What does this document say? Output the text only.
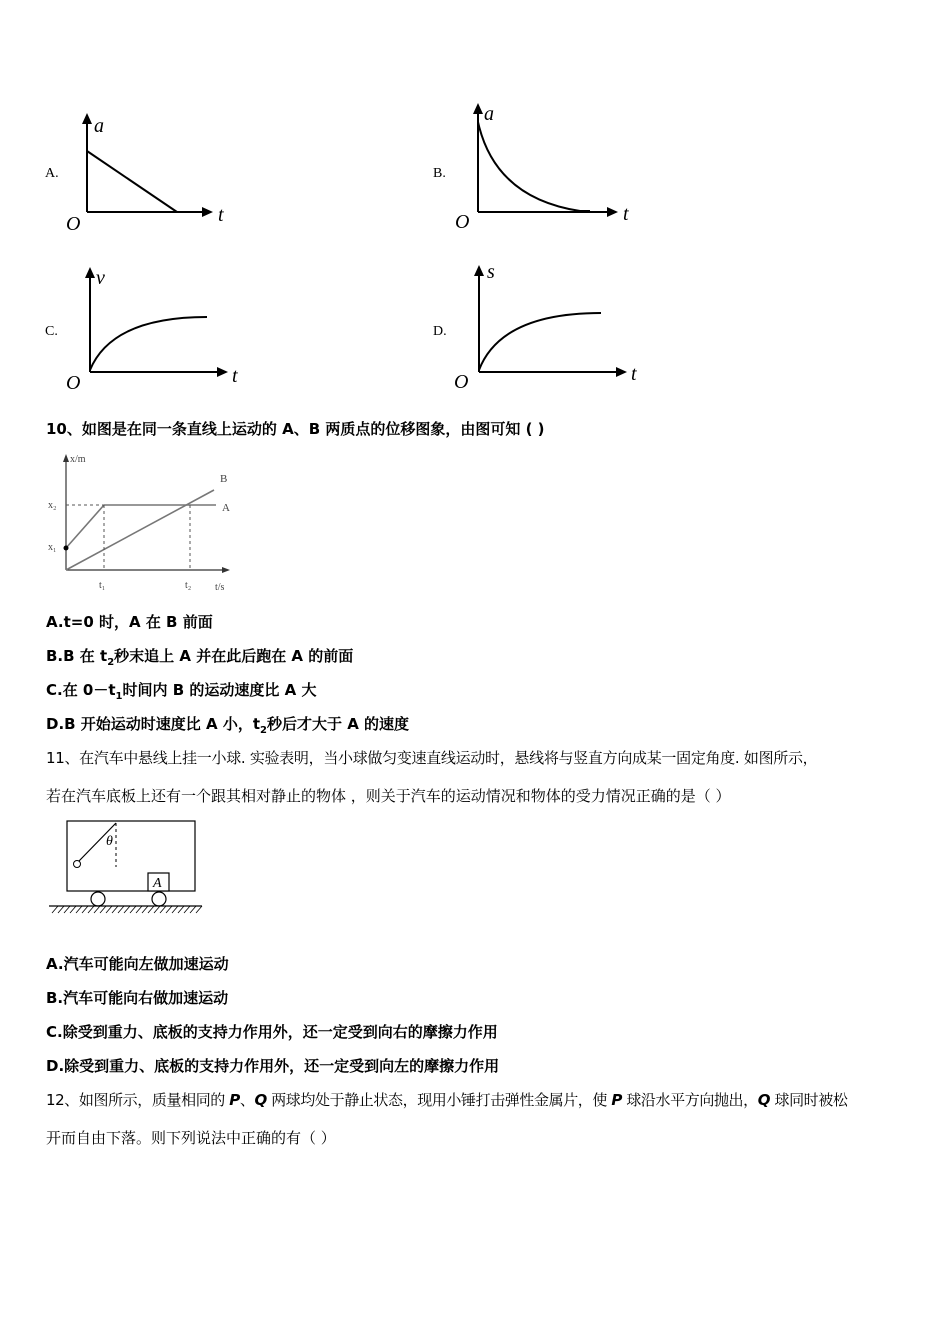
A.
a
t
O
B.
a
t
O
C.
v
t
O
D.
s
t
O
10、如图是在同一条直线上运动的 A、B 两质点的位移图象，由图可知 ( )
x/m
t/s
x₂
x₁
t₁	t₂
A
B
A.t=0 时，A 在 B 前面
B.B 在 $t_2$秒末追上 A 并在此后跑在 A 的前面
C.在 $0-t_1$时间内 B 的运动速度比 A 大
D.B 开始运动时速度比 A 小，$t_2$秒后才大于 A 的速度
11、在汽车中悬线上挂一小球. 实验表明，当小球做匀变速直线运动时，悬线将与竖直方向成某一固定角度. 如图所示，
若在汽车底板上还有一个跟其相对静止的物体 ，则关于汽车的运动情况和物体的受力情况正确的是（ ）
θ
A
A.汽车可能向左做加速运动
B.汽车可能向右做加速运动
C.除受到重力、底板的支持力作用外，还一定受到向右的摩擦力作用
D.除受到重力、底板的支持力作用外，还一定受到向左的摩擦力作用
12、如图所示，质量相同的 P、Q 两球均处于静止状态，现用小锤打击弹性金属片，使 P 球沿水平方向抛出，Q 球同时被松
开而自由下落。则下列说法中正确的有（ ）
